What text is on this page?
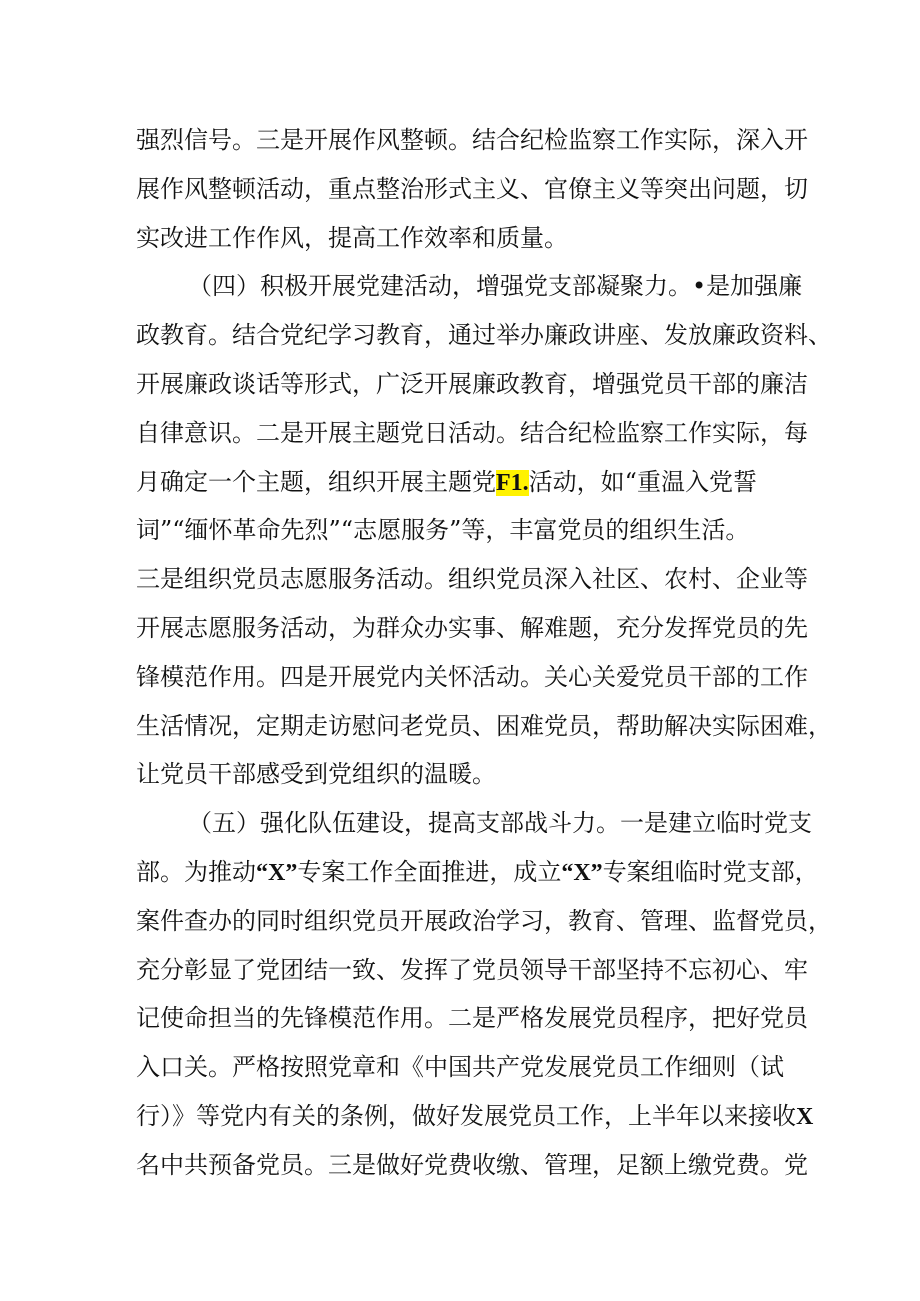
强烈信号。三是开展作风整顿。结合纪检监察工作实际，深入开
展作风整顿活动，重点整治形式主义、官僚主义等突出问题，切
实改进工作作风，提高工作效率和质量。
（四）积极开展党建活动，增强党支部凝聚力。•是加强廉
政教育。结合党纪学习教育，通过举办廉政讲座、发放廉政资料、
开展廉政谈话等形式，广泛开展廉政教育，增强党员干部的廉洁
自律意识。二是开展主题党日活动。结合纪检监察工作实际，每
月确定一个主题，组织开展主题党F1.活动，如“重温入党誓
词”“缅怀革命先烈”“志愿服务”等，丰富党员的组织生活。
三是组织党员志愿服务活动。组织党员深入社区、农村、企业等
开展志愿服务活动，为群众办实事、解难题，充分发挥党员的先
锋模范作用。四是开展党内关怀活动。关心关爱党员干部的工作
生活情况，定期走访慰问老党员、困难党员，帮助解决实际困难，
让党员干部感受到党组织的温暖。
（五）强化队伍建设，提高支部战斗力。一是建立临时党支
部。为推动“X”专案工作全面推进，成立“X”专案组临时党支部，
案件查办的同时组织党员开展政治学习，教育、管理、监督党员，
充分彰显了党团结一致、发挥了党员领导干部坚持不忘初心、牢
记使命担当的先锋模范作用。二是严格发展党员程序，把好党员
入口关。严格按照党章和《中国共产党发展党员工作细则（试
行）》等党内有关的条例，做好发展党员工作，上半年以来接收X
名中共预备党员。三是做好党费收缴、管理，足额上缴党费。党
